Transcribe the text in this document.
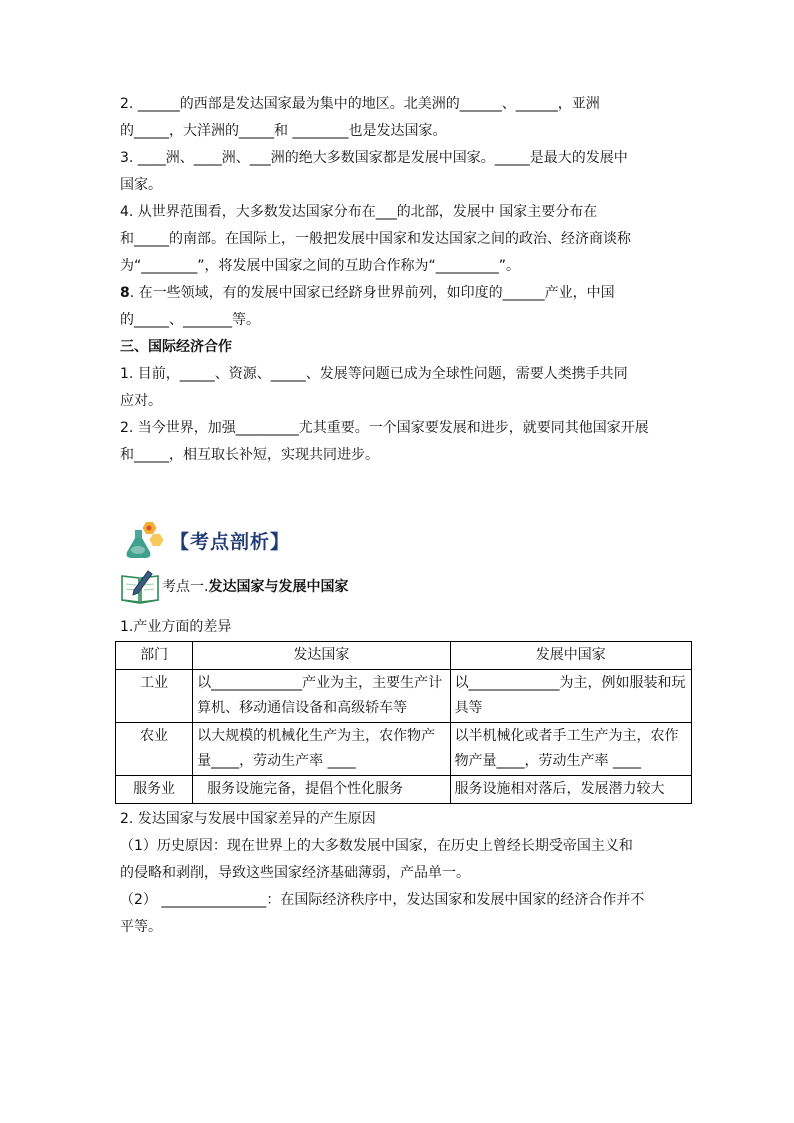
2. ______的西部是发达国家最为集中的地区。北美洲的______、______，亚洲

的_____，大洋洲的_____和 ________也是发达国家。

3. ____洲、____洲、___洲的绝大多数国家都是发展中国家。_____是最大的发展中

国家。

4. 从世界范围看，大多数发达国家分布在___的北部，发展中 国家主要分布在

和_____的南部。在国际上，一般把发展中国家和发达国家之间的政治、经济商谈称

为“________”，将发展中国家之间的互助合作称为“_________”。

8. 在一些领域，有的发展中国家已经跻身世界前列，如印度的______产业，中国

的_____、_______等。

三、国际经济合作

1. 目前，_____、资源、_____、发展等问题已成为全球性问题，需要人类携手共同

应对。

2. 当今世界，加强_________尤其重要。一个国家要发展和进步，就要同其他国家开展

和_____，相互取长补短，实现共同进步。

【考点剖析】
考点一.发达国家与发展中国家
1.产业方面的差异
部门	发达国家	发展中国家
工业	以_____________产业为主，主要生产计算机、移动通信设备和高级轿车等	以_____________为主，例如服装和玩具等
农业	以大规模的机械化生产为主，农作物产量____，劳动生产率 ____	以半机械化或者手工生产为主，农作物产量____，劳动生产率 ____
服务业	服务设施完备，提倡个性化服务	服务设施相对落后，发展潜力较大

2. 发达国家与发展中国家差异的产生原因

（1）历史原因：现在世界上的大多数发展中国家，在历史上曾经长期受帝国主义和

的侵略和剥削，导致这些国家经济基础薄弱，产品单一。

（2） _______________：在国际经济秩序中，发达国家和发展中国家的经济合作并不

平等。
